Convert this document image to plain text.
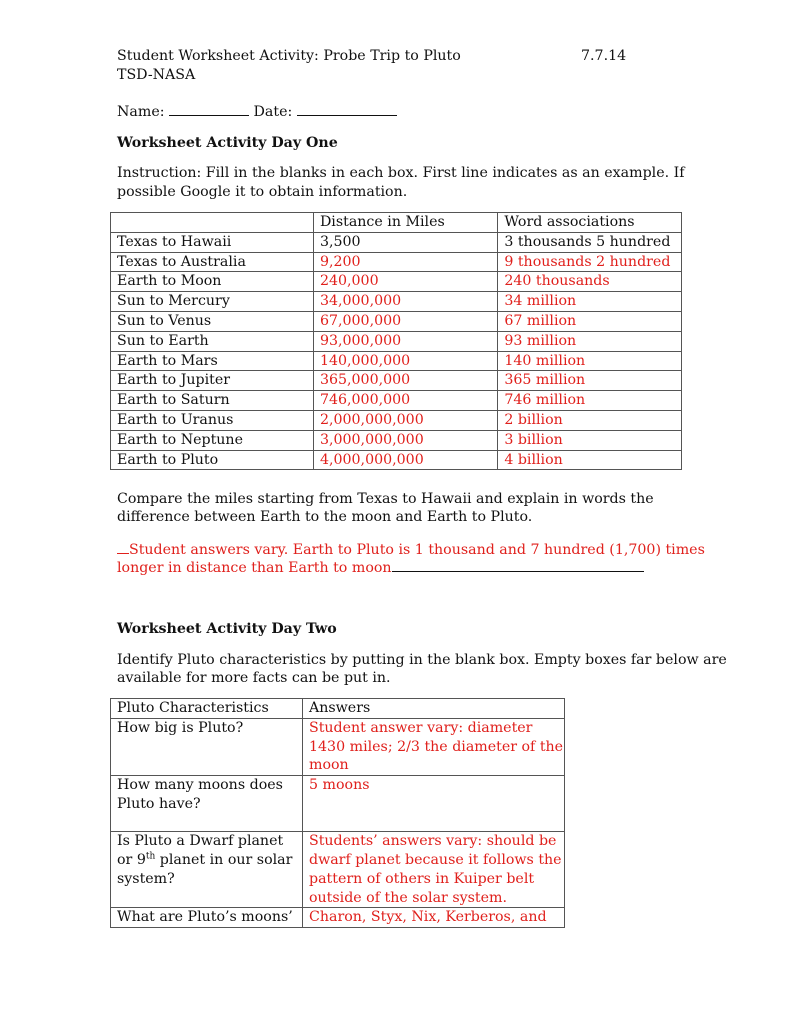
Student Worksheet Activity: Probe Trip to Pluto	7.7.14
TSD-NASA
Name:	Date:
Worksheet Activity Day One
Instruction: Fill in the blanks in each box. First line indicates as an example. If
possible Google it to obtain information.
	Distance in Miles	Word associations
Texas to Hawaii	3,500	3 thousands 5 hundred
Texas to Australia	9,200	9 thousands 2 hundred
Earth to Moon	240,000	240 thousands
Sun to Mercury	34,000,000	34 million
Sun to Venus	67,000,000	67 million
Sun to Earth	93,000,000	93 million
Earth to Mars	140,000,000	140 million
Earth to Jupiter	365,000,000	365 million
Earth to Saturn	746,000,000	746 million
Earth to Uranus	2,000,000,000	2 billion
Earth to Neptune	3,000,000,000	3 billion
Earth to Pluto	4,000,000,000	4 billion
Compare the miles starting from Texas to Hawaii and explain in words the
difference between Earth to the moon and Earth to Pluto.
Student answers vary. Earth to Pluto is 1 thousand and 7 hundred (1,700) times
longer in distance than Earth to moon
Worksheet Activity Day Two
Identify Pluto characteristics by putting in the blank box. Empty boxes far below are
available for more facts can be put in.
Pluto Characteristics	Answers
How big is Pluto?	Student answer vary: diameter 1430 miles; 2/3 the diameter of the moon
How many moons does Pluto have?	5 moons
Is Pluto a Dwarf planet or 9th planet in our solar system?	Students’ answers vary: should be dwarf planet because it follows the pattern of others in Kuiper belt outside of the solar system.
What are Pluto’s moons’	Charon, Styx, Nix, Kerberos, and
